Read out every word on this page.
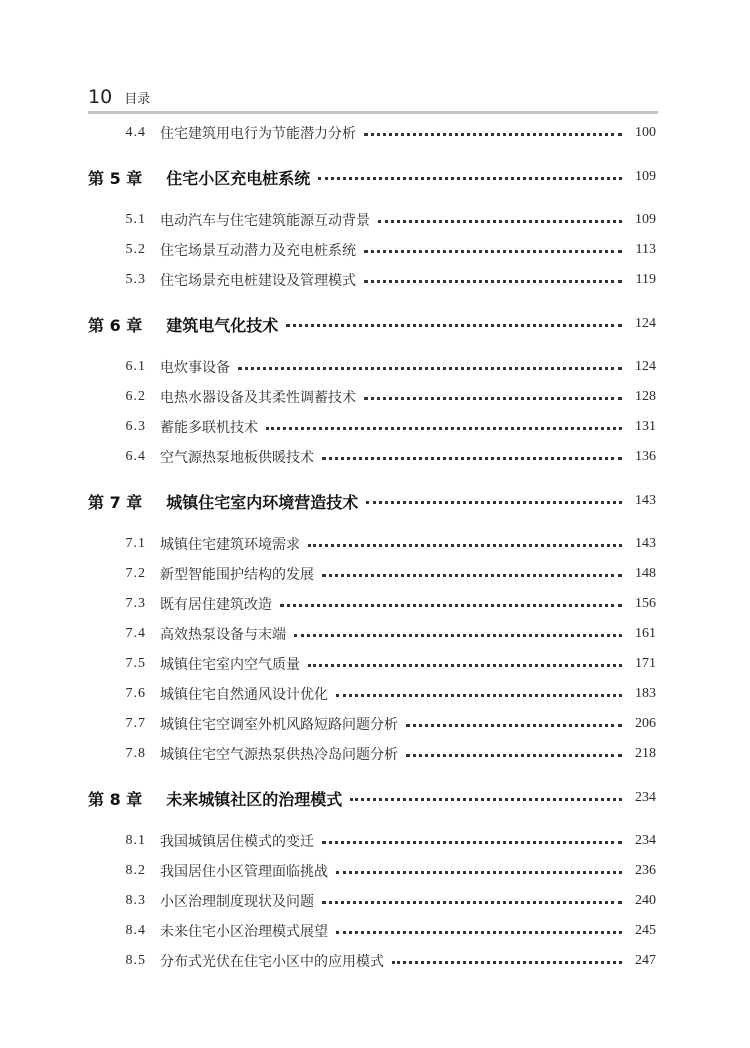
10 目录
4.4 住宅建筑用电行为节能潜力分析	100
第 5 章 住宅小区充电桩系统	109
5.1 电动汽车与住宅建筑能源互动背景	109
5.2 住宅场景互动潜力及充电桩系统	113
5.3 住宅场景充电桩建设及管理模式	119
第 6 章 建筑电气化技术	124
6.1 电炊事设备	124
6.2 电热水器设备及其柔性调蓄技术	128
6.3 蓄能多联机技术	131
6.4 空气源热泵地板供暖技术	136
第 7 章 城镇住宅室内环境营造技术	143
7.1 城镇住宅建筑环境需求	143
7.2 新型智能围护结构的发展	148
7.3 既有居住建筑改造	156
7.4 高效热泵设备与末端	161
7.5 城镇住宅室内空气质量	171
7.6 城镇住宅自然通风设计优化	183
7.7 城镇住宅空调室外机风路短路问题分析	206
7.8 城镇住宅空气源热泵供热冷岛问题分析	218
第 8 章 未来城镇社区的治理模式	234
8.1 我国城镇居住模式的变迁	234
8.2 我国居住小区管理面临挑战	236
8.3 小区治理制度现状及问题	240
8.4 未来住宅小区治理模式展望	245
8.5 分布式光伏在住宅小区中的应用模式	247
